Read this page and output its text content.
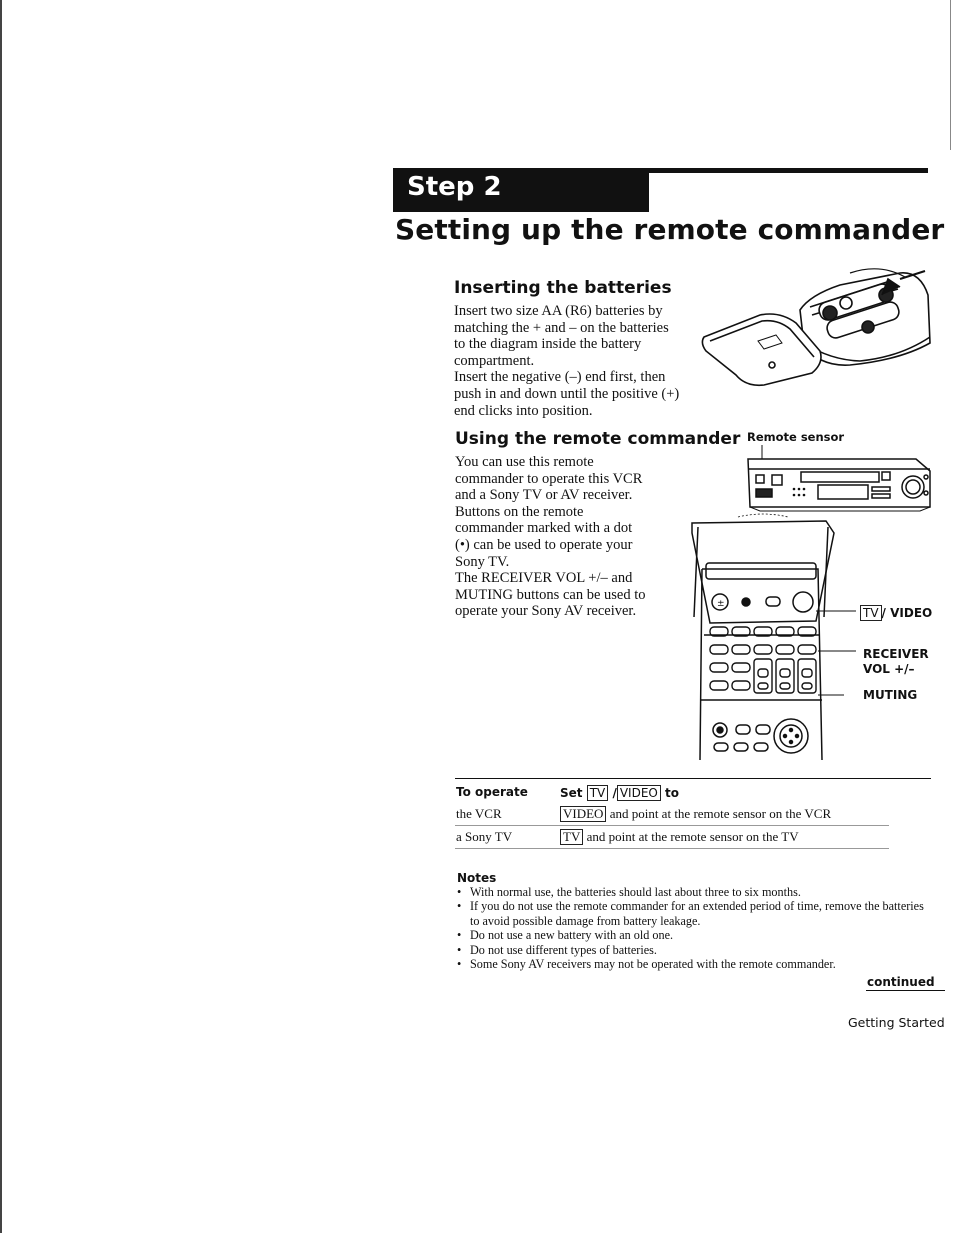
Step 2
Setting up the remote commander
Inserting the batteries
Insert two size AA (R6) batteries by
matching the + and – on the batteries
to the diagram inside the battery
compartment.
Insert the negative (–) end first, then
push in and down until the positive (+)
end clicks into position.
Using the remote commander
You can use this remote
commander to operate this VCR
and a Sony TV or AV receiver.
Buttons on the remote
commander marked with a dot
(•) can be used to operate your
Sony TV.
The RECEIVER VOL +/– and
MUTING buttons can be used to
operate your Sony AV receiver.
Remote sensor
±
TV / VIDEO
RECEIVER
VOL +/–
MUTING
To operate	Set TV / VIDEO to
the VCR	VIDEO and point at the remote sensor on the VCR
a Sony TV	TV and point at the remote sensor on the TV
Notes
• With normal use, the batteries should last about three to six months.
• If you do not use the remote commander for an extended period of time, remove the batteries to avoid possible damage from battery leakage.
• Do not use a new battery with an old one.
• Do not use different types of batteries.
• Some Sony AV receivers may not be operated with the remote commander.
continued
Getting Started
